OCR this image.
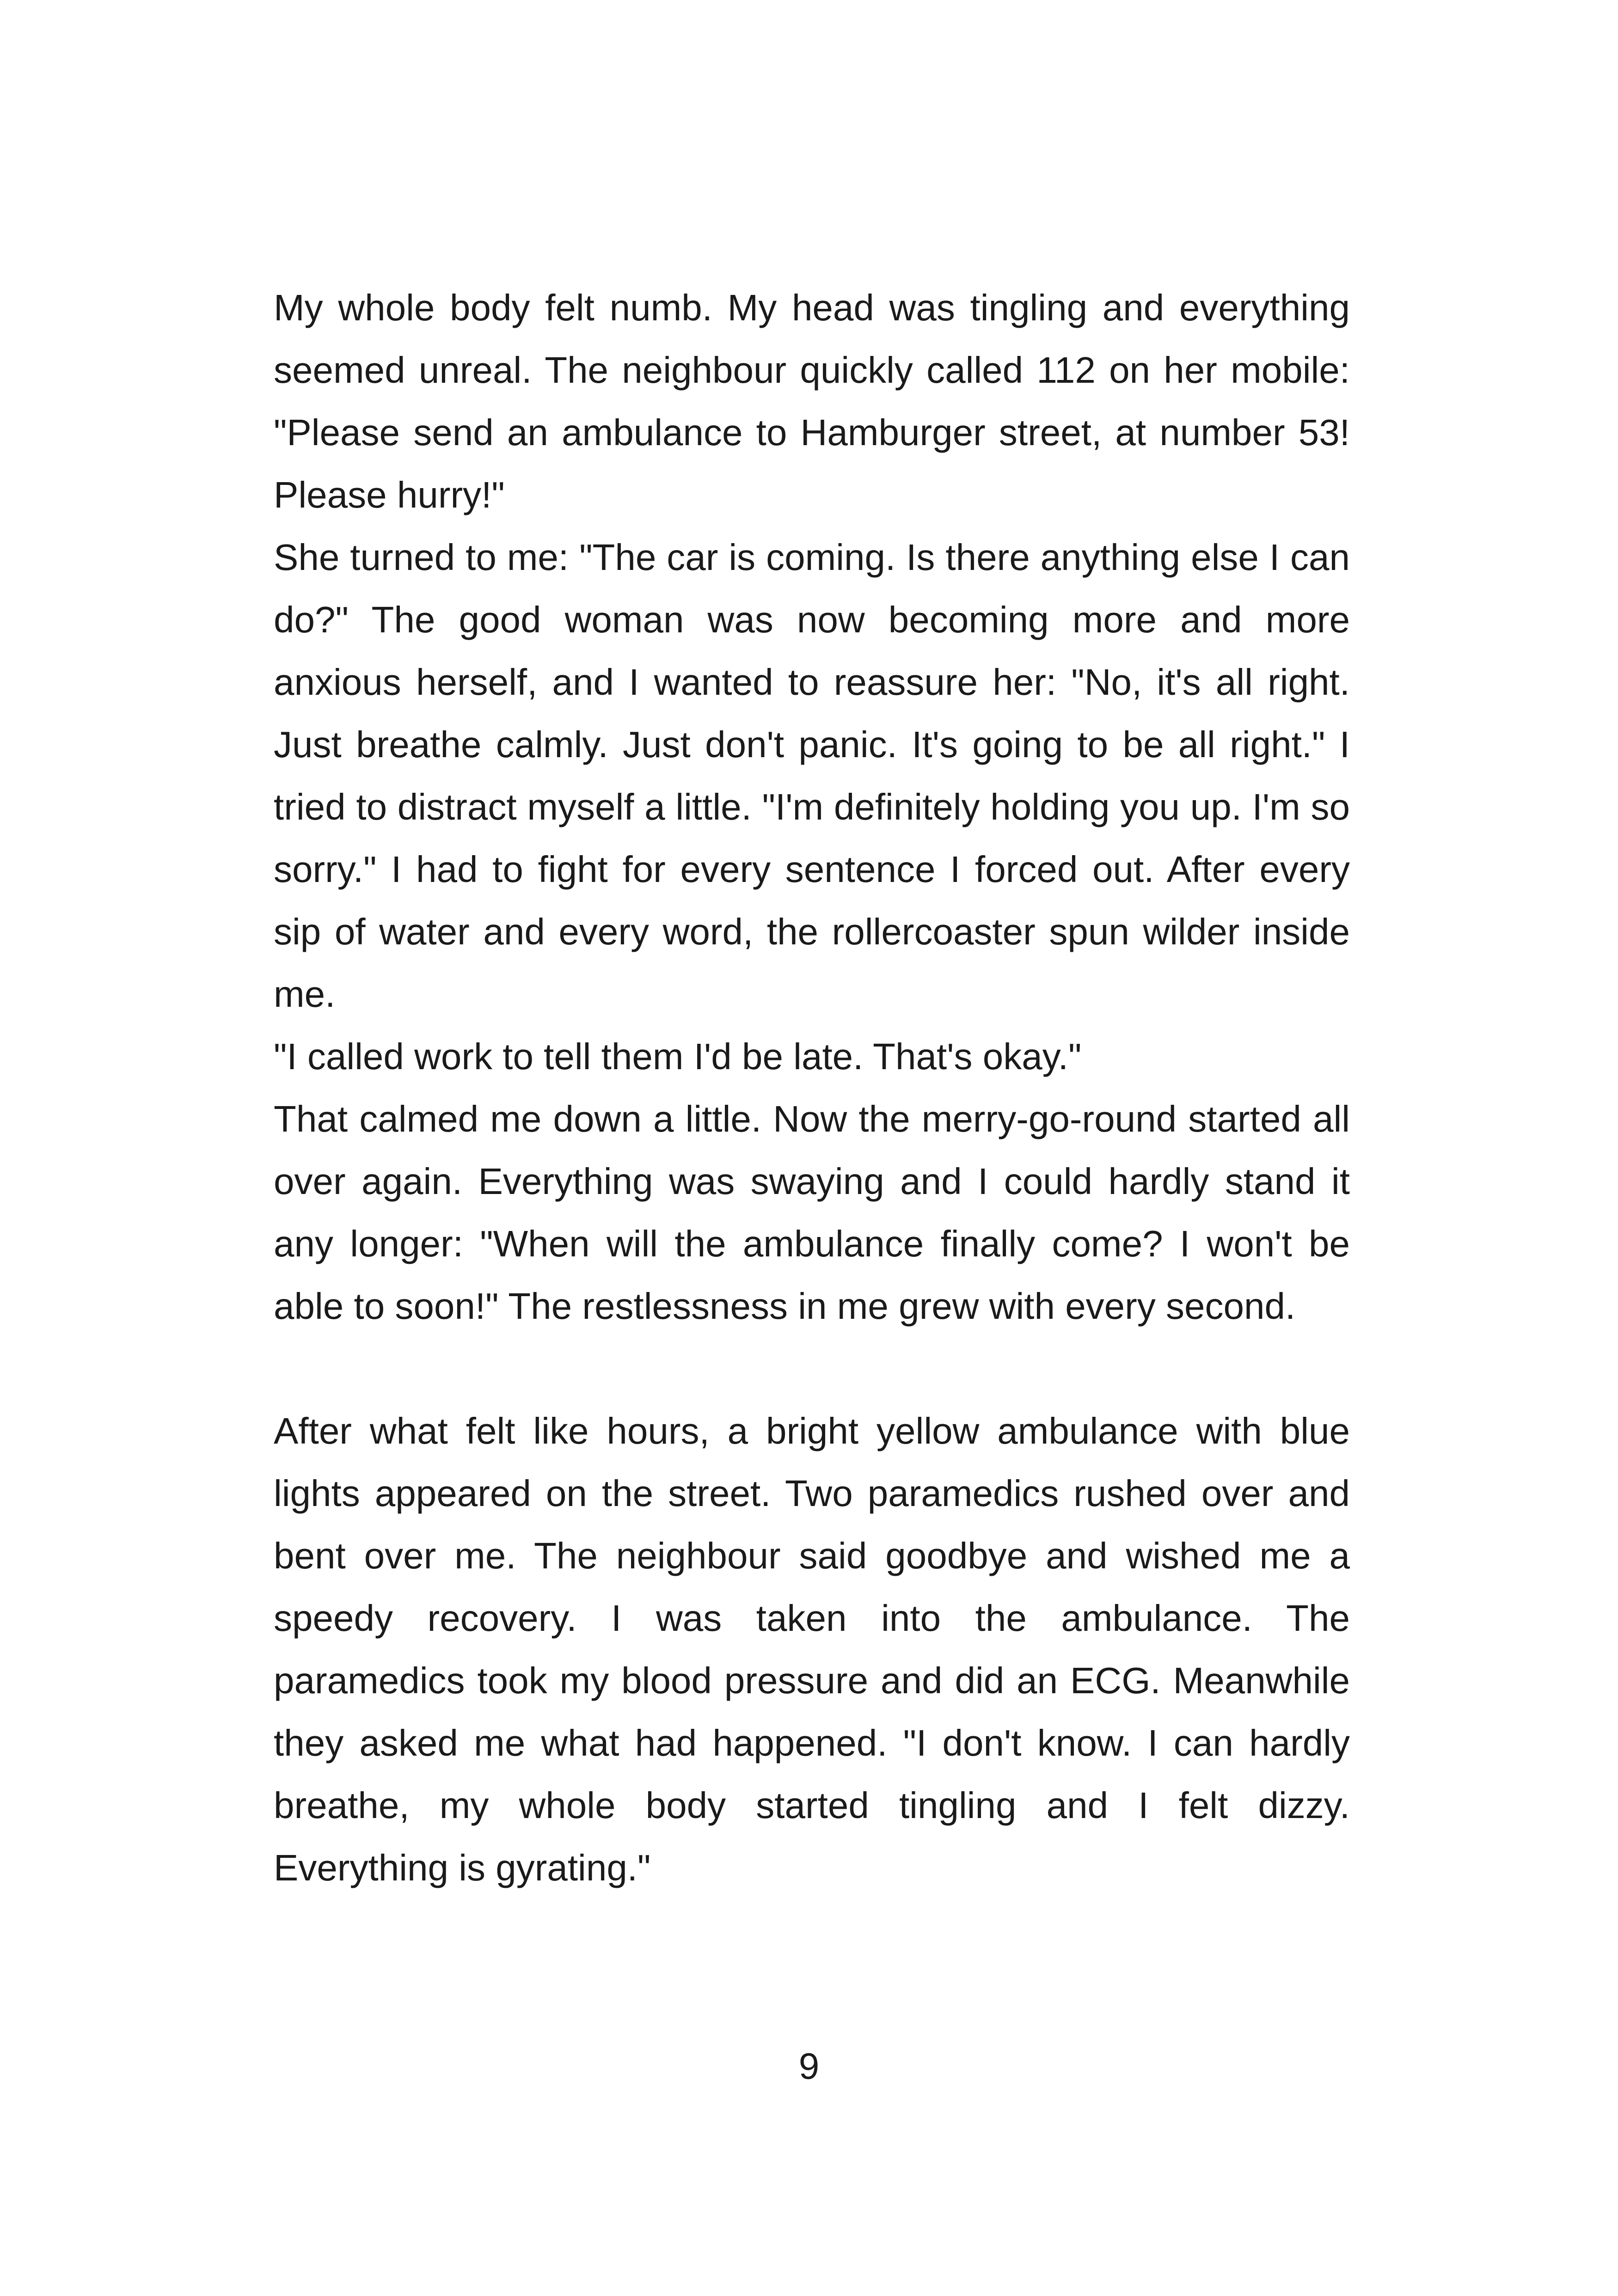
My whole body felt numb. My head was tingling and everything seemed unreal. The neighbour quickly called 112 on her mobile: "Please send an ambulance to Hamburger street, at number 53! Please hurry!"

She turned to me: "The car is coming. Is there anything else I can do?" The good woman was now becoming more and more anxious herself, and I wanted to reassure her: "No, it's all right. Just breathe calmly. Just don't panic. It's going to be all right." I tried to distract myself a little. "I'm definitely holding you up. I'm so sorry." I had to fight for every sentence I forced out. After every sip of water and every word, the rollercoaster spun wilder inside me.

"I called work to tell them I'd be late. That's okay."

That calmed me down a little. Now the merry-go-round started all over again. Everything was swaying and I could hardly stand it any longer: "When will the ambulance finally come? I won't be able to soon!" The restlessness in me grew with every second.

After what felt like hours, a bright yellow ambulance with blue lights appeared on the street. Two paramedics rushed over and bent over me. The neighbour said goodbye and wished me a speedy recovery. I was taken into the ambulance. The paramedics took my blood pressure and did an ECG. Meanwhile they asked me what had happened. "I don't know. I can hardly breathe, my whole body started tingling and I felt dizzy. Everything is gyrating."

9
